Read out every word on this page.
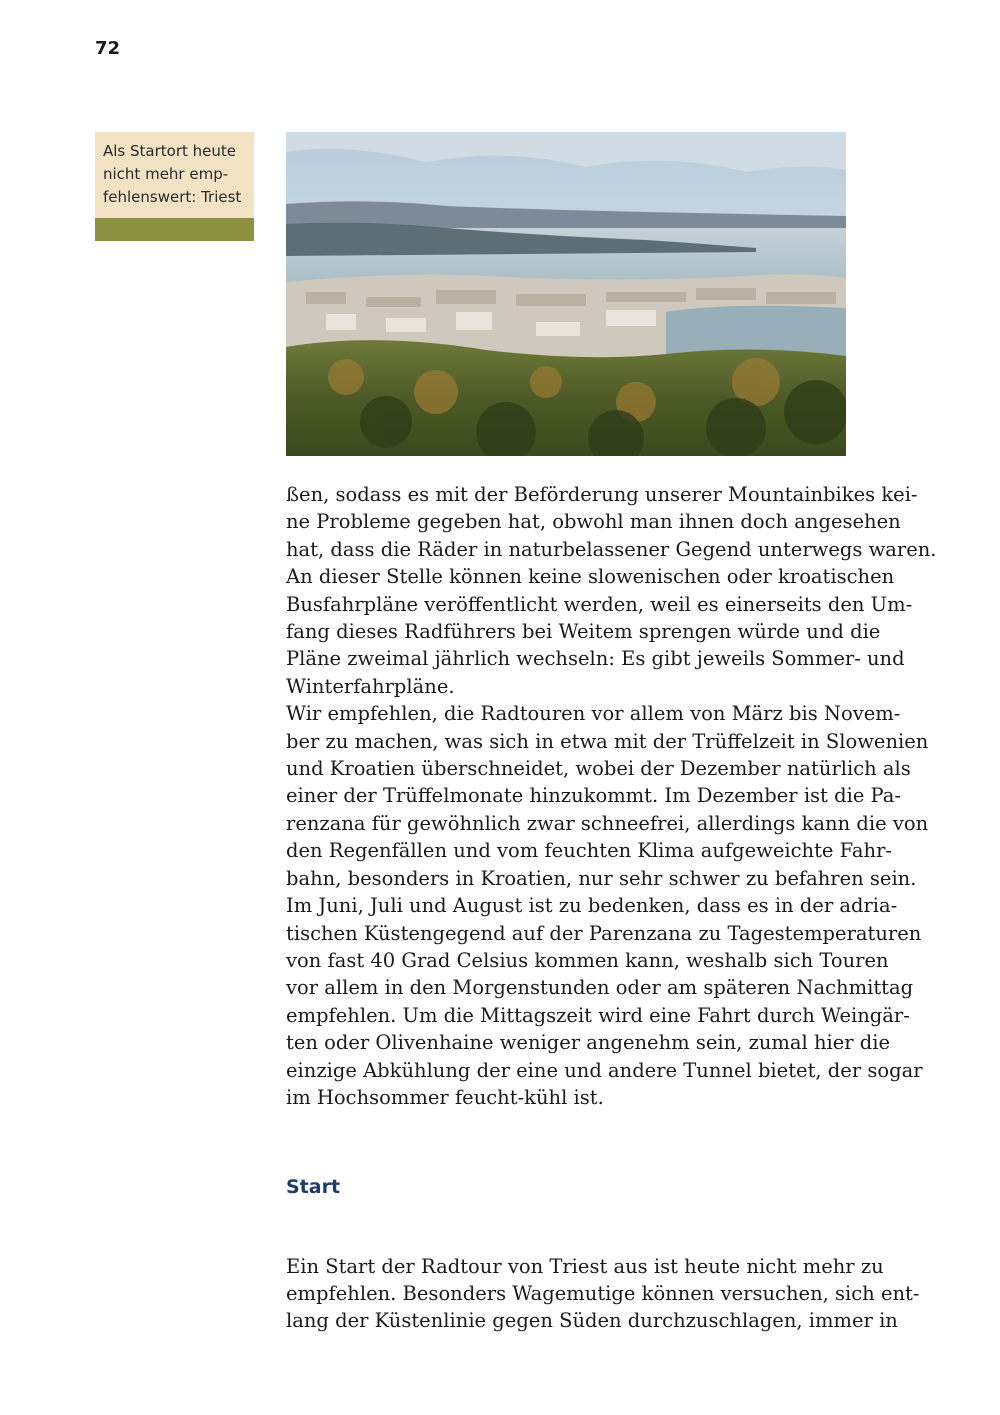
72
Als Startort heute
nicht mehr emp-
fehlenswert: Triest

ßen, sodass es mit der Beförderung unserer Mountainbikes kei-
ne Probleme gegeben hat, obwohl man ihnen doch angesehen
hat, dass die Räder in naturbelassener Gegend unterwegs waren.
An dieser Stelle können keine slowenischen oder kroatischen
Busfahrpläne veröffentlicht werden, weil es einerseits den Um-
fang dieses Radführers bei Weitem sprengen würde und die
Pläne zweimal jährlich wechseln: Es gibt jeweils Sommer- und
Winterfahrpläne.

Wir empfehlen, die Radtouren vor allem von März bis Novem-
ber zu machen, was sich in etwa mit der Trüffelzeit in Slowenien
und Kroatien überschneidet, wobei der Dezember natürlich als
einer der Trüffelmonate hinzukommt. Im Dezember ist die Pa-
renzana für gewöhnlich zwar schneefrei, allerdings kann die von
den Regenfällen und vom feuchten Klima aufgeweichte Fahr-
bahn, besonders in Kroatien, nur sehr schwer zu befahren sein.

Im Juni, Juli und August ist zu bedenken, dass es in der adria-
tischen Küstengegend auf der Parenzana zu Tagestemperaturen
von fast 40 Grad Celsius kommen kann, weshalb sich Touren
vor allem in den Morgenstunden oder am späteren Nachmittag
empfehlen. Um die Mittagszeit wird eine Fahrt durch Weingär-
ten oder Olivenhaine weniger angenehm sein, zumal hier die
einzige Abkühlung der eine und andere Tunnel bietet, der sogar
im Hochsommer feucht-kühl ist.

Start

Ein Start der Radtour von Triest aus ist heute nicht mehr zu
empfehlen. Besonders Wagemutige können versuchen, sich ent-
lang der Küstenlinie gegen Süden durchzuschlagen, immer in
